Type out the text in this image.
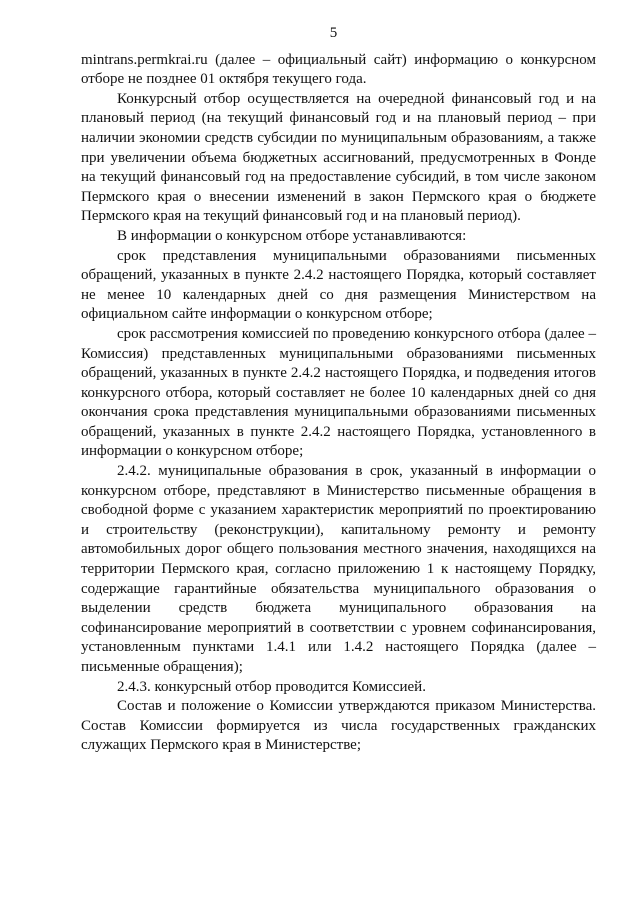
5

mintrans.permkrai.ru (далее – официальный сайт) информацию о конкурсном отборе не позднее 01 октября текущего года.

Конкурсный отбор осуществляется на очередной финансовый год и на плановый период (на текущий финансовый год и на плановый период – при наличии экономии средств субсидии по муниципальным образованиям, а также при увеличении объема бюджетных ассигнований, предусмотренных в Фонде на текущий финансовый год на предоставление субсидий, в том числе законом Пермского края о внесении изменений в закон Пермского края о бюджете Пермского края на текущий финансовый год и на плановый период).

В информации о конкурсном отборе устанавливаются:

срок представления муниципальными образованиями письменных обращений, указанных в пункте 2.4.2 настоящего Порядка, который составляет не менее 10 календарных дней со дня размещения Министерством на официальном сайте информации о конкурсном отборе;

срок рассмотрения комиссией по проведению конкурсного отбора (далее – Комиссия) представленных муниципальными образованиями письменных обращений, указанных в пункте 2.4.2 настоящего Порядка, и подведения итогов конкурсного отбора, который составляет не более 10 календарных дней со дня окончания срока представления муниципальными образованиями письменных обращений, указанных в пункте 2.4.2 настоящего Порядка, установленного в информации о конкурсном отборе;

2.4.2. муниципальные образования в срок, указанный в информации о конкурсном отборе, представляют в Министерство письменные обращения в свободной форме с указанием характеристик мероприятий по проектированию и строительству (реконструкции), капитальному ремонту и ремонту автомобильных дорог общего пользования местного значения, находящихся на территории Пермского края, согласно приложению 1 к настоящему Порядку, содержащие гарантийные обязательства муниципального образования о выделении средств бюджета муниципального образования на софинансирование мероприятий в соответствии с уровнем софинансирования, установленным пунктами 1.4.1 или 1.4.2 настоящего Порядка (далее – письменные обращения);

2.4.3. конкурсный отбор проводится Комиссией.

Состав и положение о Комиссии утверждаются приказом Министерства. Состав Комиссии формируется из числа государственных гражданских служащих Пермского края в Министерстве;
